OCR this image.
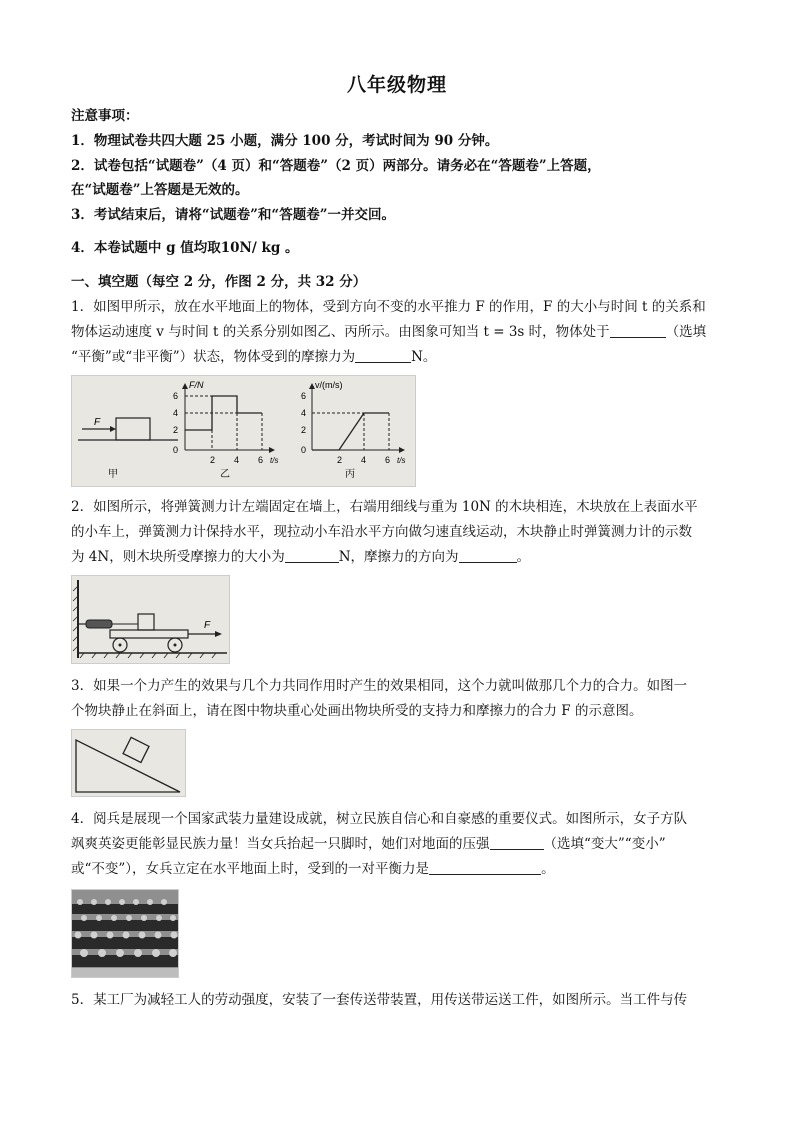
八年级物理
注意事项：
1．物理试卷共四大题 25 小题，满分 100 分，考试时间为 90 分钟。
2．试卷包括“试题卷”（4 页）和“答题卷”（2 页）两部分。请务必在“答题卷”上答题，
在“试题卷”上答题是无效的。
3．考试结束后，请将“试题卷”和“答题卷”一并交回。
4．本卷试题中 g 值均取10N/ kg 。
一、填空题（每空 2 分，作图 2 分，共 32 分）
1．如图甲所示，放在水平地面上的物体，受到方向不变的水平推力 F 的作用，F 的大小与时间 t 的关系和
物体运动速度 v 与时间 t 的关系分别如图乙、丙所示。由图象可知当 t = 3s 时，物体处于	（选填
“平衡”或“非平衡”）状态，物体受到的摩擦力为	N。
F
甲
F/N
6
4
2
0
2 4 6 t/s
乙
v/(m/s)
6
4
2
0
2 4 6 t/s
丙
2．如图所示，将弹簧测力计左端固定在墙上，右端用细线与重为 10N 的木块相连，木块放在上表面水平
的小车上，弹簧测力计保持水平，现拉动小车沿水平方向做匀速直线运动，木块静止时弹簧测力计的示数
为 4N，则木块所受摩擦力的大小为	N，摩擦力的方向为	。
F
3．如果一个力产生的效果与几个力共同作用时产生的效果相同，这个力就叫做那几个力的合力。如图一
个物块静止在斜面上，请在图中物块重心处画出物块所受的支持力和摩擦力的合力 F 的示意图。
4．阅兵是展现一个国家武装力量建设成就，树立民族自信心和自豪感的重要仪式。如图所示，女子方队
飒爽英姿更能彰显民族力量！当女兵抬起一只脚时，她们对地面的压强	（选填“变大”“变小”
或“不变”），女兵立定在水平地面上时，受到的一对平衡力是	。
5．某工厂为减轻工人的劳动强度，安装了一套传送带装置，用传送带运送工件，如图所示。当工件与传
